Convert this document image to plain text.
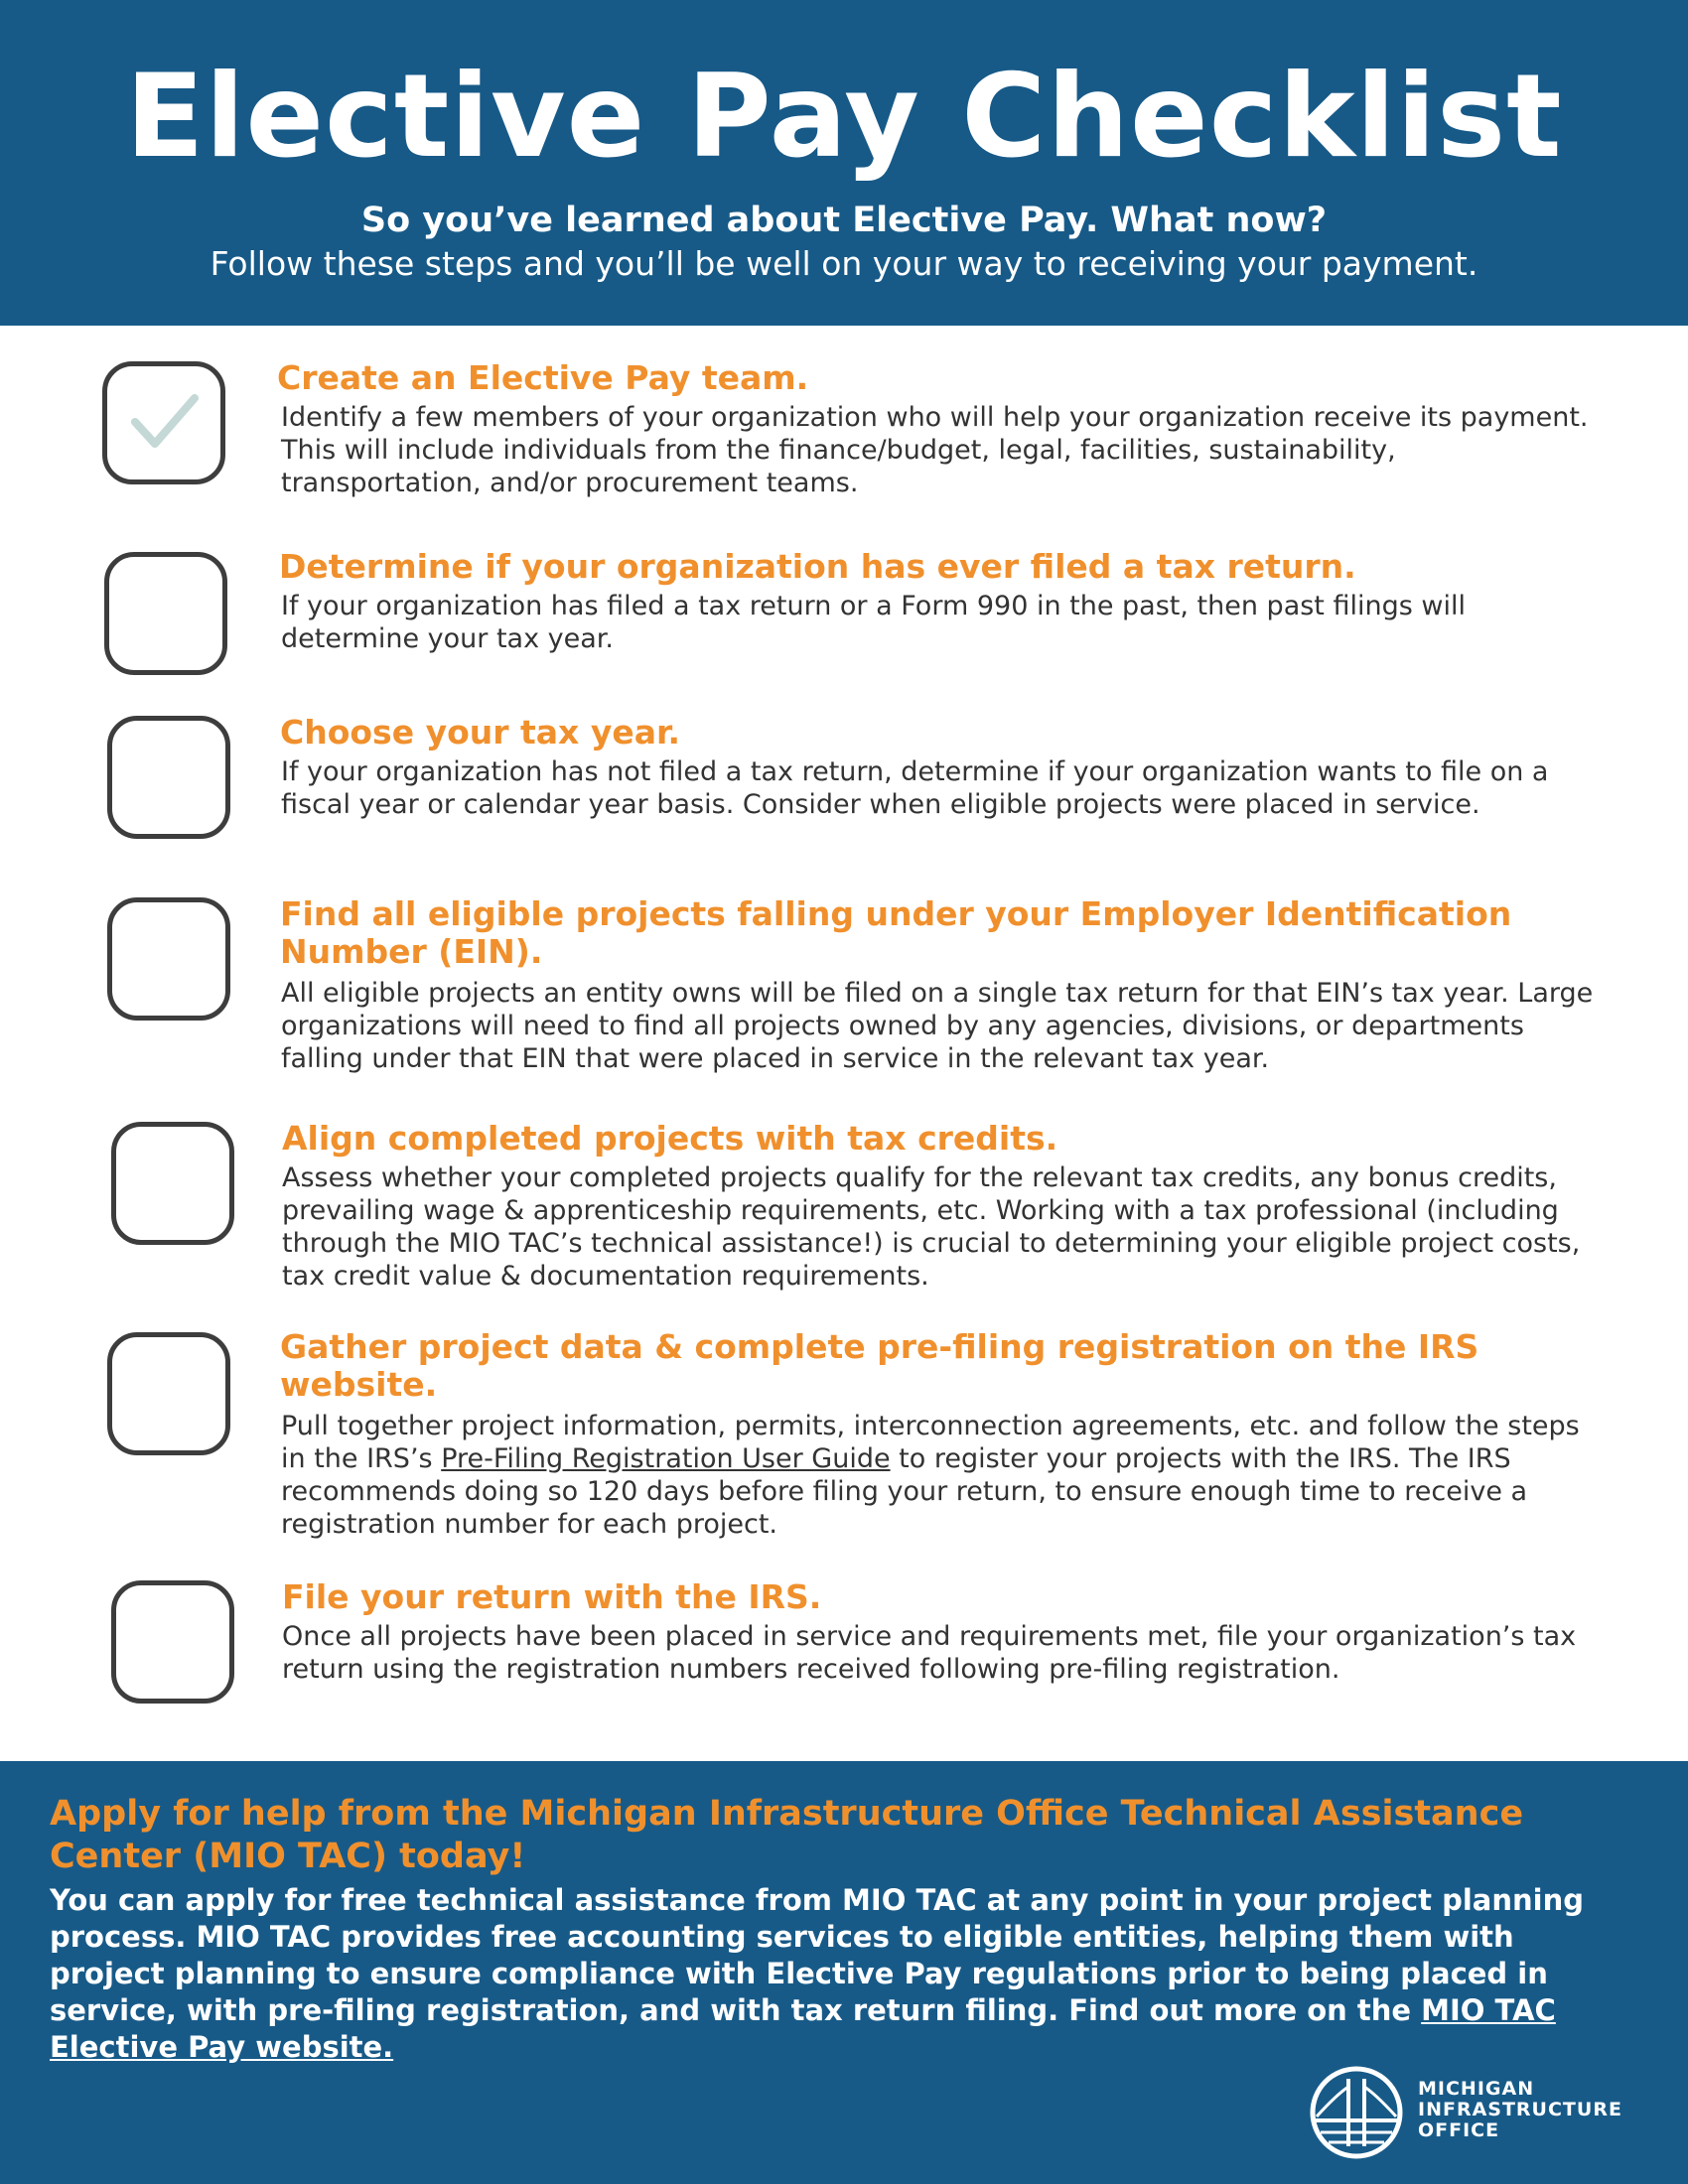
Elective Pay Checklist
So you’ve learned about Elective Pay. What now?
Follow these steps and you’ll be well on your way to receiving your payment.
Create an Elective Pay team.
Identify a few members of your organization who will help your organization receive its payment. This will include individuals from the finance/budget, legal, facilities, sustainability, transportation, and/or procurement teams.
Determine if your organization has ever filed a tax return.
If your organization has filed a tax return or a Form 990 in the past, then past filings will determine your tax year.
Choose your tax year.
If your organization has not filed a tax return, determine if your organization wants to file on a fiscal year or calendar year basis. Consider when eligible projects were placed in service.
Find all eligible projects falling under your Employer Identification Number (EIN).
All eligible projects an entity owns will be filed on a single tax return for that EIN’s tax year. Large organizations will need to find all projects owned by any agencies, divisions, or departments falling under that EIN that were placed in service in the relevant tax year.
Align completed projects with tax credits.
Assess whether your completed projects qualify for the relevant tax credits, any bonus credits, prevailing wage & apprenticeship requirements, etc. Working with a tax professional (including through the MIO TAC’s technical assistance!) is crucial to determining your eligible project costs, tax credit value & documentation requirements.
Gather project data & complete pre-filing registration on the IRS website.
Pull together project information, permits, interconnection agreements, etc. and follow the steps in the IRS’s Pre-Filing Registration User Guide to register your projects with the IRS. The IRS recommends doing so 120 days before filing your return, to ensure enough time to receive a registration number for each project.
File your return with the IRS.
Once all projects have been placed in service and requirements met, file your organization’s tax return using the registration numbers received following pre-filing registration.
Apply for help from the Michigan Infrastructure Office Technical Assistance Center (MIO TAC) today!
You can apply for free technical assistance from MIO TAC at any point in your project planning process. MIO TAC provides free accounting services to eligible entities, helping them with project planning to ensure compliance with Elective Pay regulations prior to being placed in service, with pre-filing registration, and with tax return filing. Find out more on the MIO TAC Elective Pay website.
MICHIGAN
INFRASTRUCTURE
OFFICE
